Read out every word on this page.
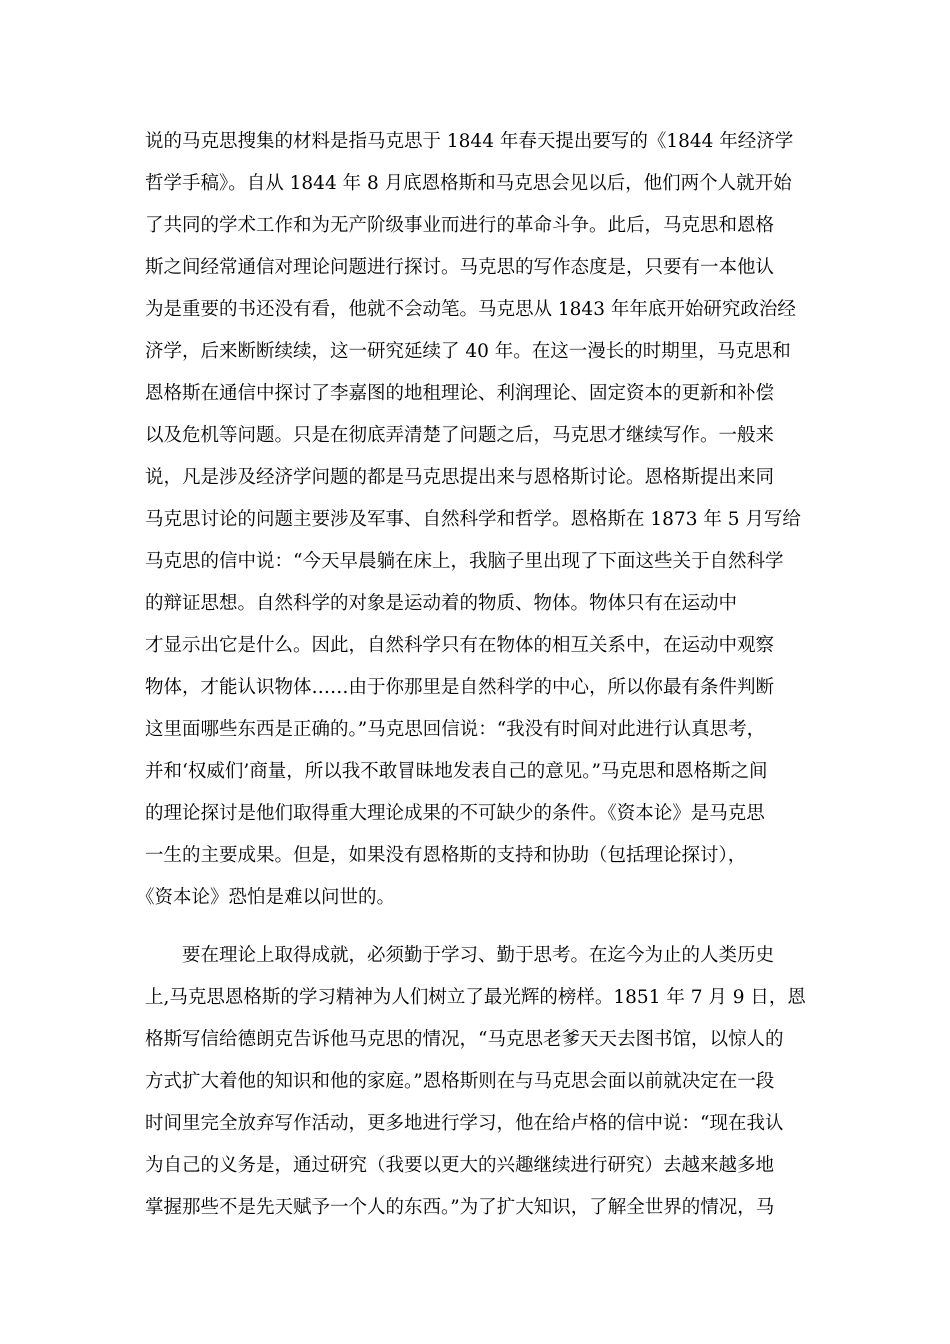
说的马克思搜集的材料是指马克思于 1844 年春天提出要写的《1844 年经济学
哲学手稿》。自从 1844 年 8 月底恩格斯和马克思会见以后，他们两个人就开始
了共同的学术工作和为无产阶级事业而进行的革命斗争。此后，马克思和恩格
斯之间经常通信对理论问题进行探讨。马克思的写作态度是，只要有一本他认
为是重要的书还没有看，他就不会动笔。马克思从 1843 年年底开始研究政治经
济学，后来断断续续，这一研究延续了 40 年。在这一漫长的时期里，马克思和
恩格斯在通信中探讨了李嘉图的地租理论、利润理论、固定资本的更新和补偿
以及危机等问题。只是在彻底弄清楚了问题之后，马克思才继续写作。一般来
说，凡是涉及经济学问题的都是马克思提出来与恩格斯讨论。恩格斯提出来同
马克思讨论的问题主要涉及军事、自然科学和哲学。恩格斯在 1873 年 5 月写给
马克思的信中说：“今天早晨躺在床上，我脑子里出现了下面这些关于自然科学
的辩证思想。自然科学的对象是运动着的物质、物体。物体只有在运动中
才显示出它是什么。因此，自然科学只有在物体的相互关系中，在运动中观察
物体，才能认识物体……由于你那里是自然科学的中心，所以你最有条件判断
这里面哪些东西是正确的。”马克思回信说：“我没有时间对此进行认真思考，
并和‘权威们’商量，所以我不敢冒昧地发表自己的意见。”马克思和恩格斯之间
的理论探讨是他们取得重大理论成果的不可缺少的条件。《资本论》是马克思
一生的主要成果。但是，如果没有恩格斯的支持和协助（包括理论探讨），
《资本论》恐怕是难以问世的。
要在理论上取得成就，必须勤于学习、勤于思考。在迄今为止的人类历史
上,马克思恩格斯的学习精神为人们树立了最光辉的榜样。1851 年 7 月 9 日，恩
格斯写信给德朗克告诉他马克思的情况，“马克思老爹天天去图书馆，以惊人的
方式扩大着他的知识和他的家庭。”恩格斯则在与马克思会面以前就决定在一段
时间里完全放弃写作活动，更多地进行学习，他在给卢格的信中说：“现在我认
为自己的义务是，通过研究（我要以更大的兴趣继续进行研究）去越来越多地
掌握那些不是先天赋予一个人的东西。”为了扩大知识，了解全世界的情况，马
